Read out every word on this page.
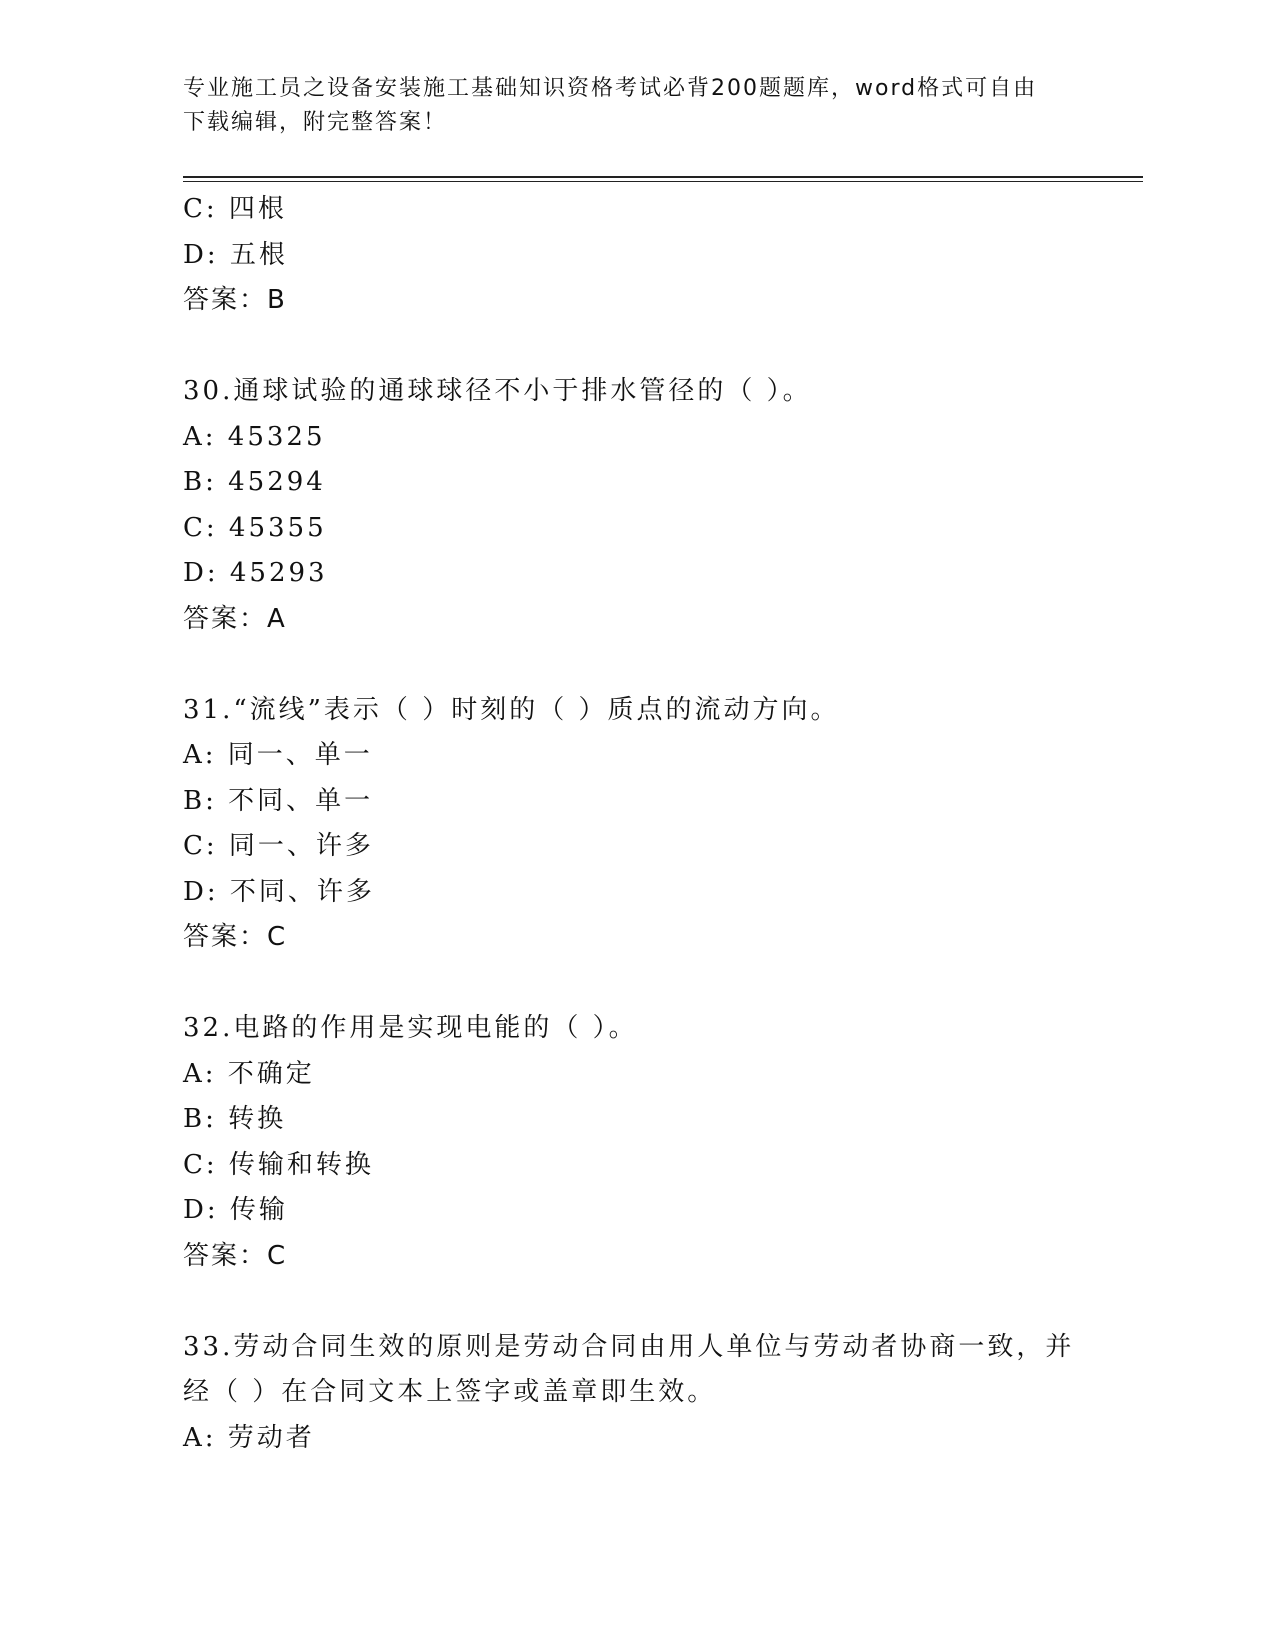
专业施工员之设备安装施工基础知识资格考试必背200题题库，word格式可自由
下载编辑，附完整答案！
C: 四根
D: 五根
答案：B
30.通球试验的通球球径不小于排水管径的（ ）。
A: 45325
B: 45294
C: 45355
D: 45293
答案：A
31.“流线”表示（ ）时刻的（ ）质点的流动方向。
A: 同一、单一
B: 不同、单一
C: 同一、许多
D: 不同、许多
答案：C
32.电路的作用是实现电能的（ ）。
A: 不确定
B: 转换
C: 传输和转换
D: 传输
答案：C
33.劳动合同生效的原则是劳动合同由用人单位与劳动者协商一致，并
经（ ）在合同文本上签字或盖章即生效。
A: 劳动者
